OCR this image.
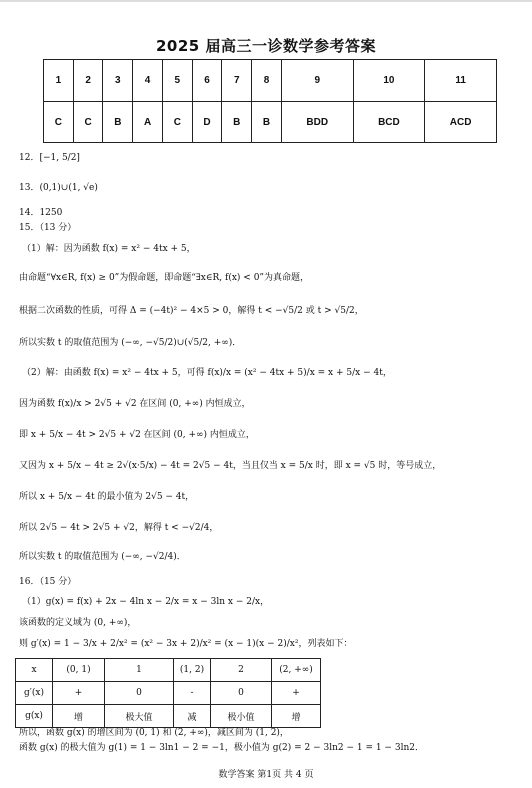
2025 届高三一诊数学参考答案
1	2	3	4	5	6	7	8	9	10	11
C	C	B	A	C	D	B	B	BDD	BCD	ACD
12．[−1, 5/2]
13．(0,1)∪(1, √e)
14．1250
15．（13 分）
（1）解：因为函数 f(x) = x² − 4tx + 5，
由命题“∀x∈R, f(x) ≥ 0”为假命题，即命题“∃x∈R, f(x) < 0”为真命题，
根据二次函数的性质，可得 Δ = (−4t)² − 4×5 > 0，解得 t < −√5/2 或 t > √5/2，
所以实数 t 的取值范围为 (−∞, −√5/2)∪(√5/2, +∞)．
（2）解：由函数 f(x) = x² − 4tx + 5，可得 f(x)/x = (x² − 4tx + 5)/x = x + 5/x − 4t，
因为函数 f(x)/x > 2√5 + √2 在区间 (0, +∞) 内恒成立，
即 x + 5/x − 4t > 2√5 + √2 在区间 (0, +∞) 内恒成立，
又因为 x + 5/x − 4t ≥ 2√(x·5/x) − 4t = 2√5 − 4t，当且仅当 x = 5/x 时，即 x = √5 时，等号成立，
所以 x + 5/x − 4t 的最小值为 2√5 − 4t，
所以 2√5 − 4t > 2√5 + √2，解得 t < −√2/4，
所以实数 t 的取值范围为 (−∞, −√2/4)．
16．（15 分）
（1）g(x) = f(x) + 2x − 4ln x − 2/x = x − 3ln x − 2/x，
该函数的定义域为 (0, +∞)，
则 g′(x) = 1 − 3/x + 2/x² = (x² − 3x + 2)/x² = (x − 1)(x − 2)/x²，列表如下：
x	(0, 1)	1	(1, 2)	2	(2, +∞)
g′(x)	+	0	-	0	+
g(x)	增	极大值	减	极小值	增
所以，函数 g(x) 的增区间为 (0, 1) 和 (2, +∞)，减区间为 (1, 2)，
函数 g(x) 的极大值为 g(1) = 1 − 3ln1 − 2 = −1，极小值为 g(2) = 2 − 3ln2 − 1 = 1 − 3ln2．
数学答案 第1页 共 4 页
